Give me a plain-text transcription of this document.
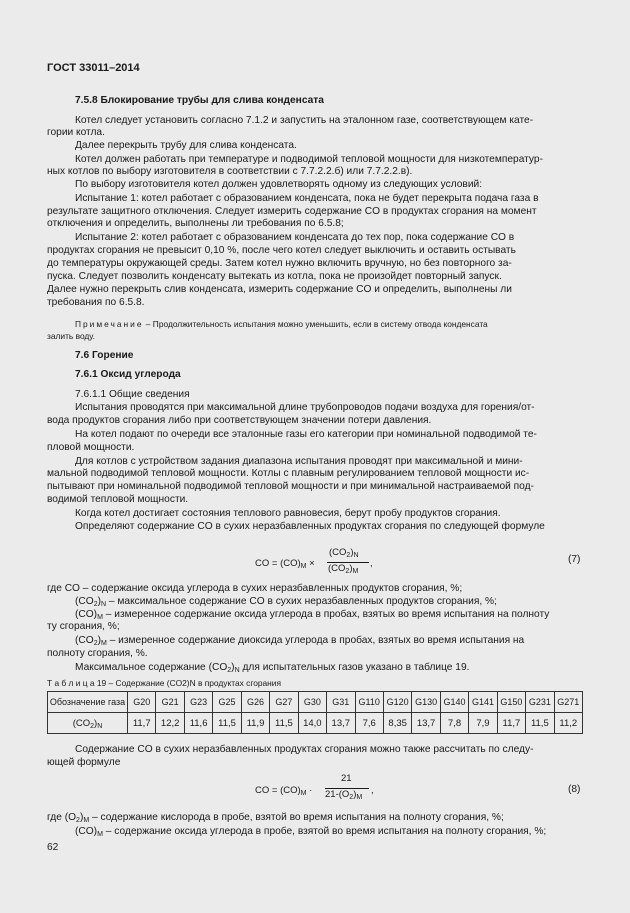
ГОСТ 33011–2014
7.5.8 Блокирование трубы для слива конденсата
Котел следует установить согласно 7.1.2 и запустить на эталонном газе, соответствующем кате-
гории котла.
Далее перекрыть трубу для слива конденсата.
Котел должен работать при температуре и подводимой тепловой мощности для низкотемператур-
ных котлов по выбору изготовителя в соответствии с 7.7.2.2.б) или 7.7.2.2.в).
По выбору изготовителя котел должен удовлетворять одному из следующих условий:
Испытание 1: котел работает с образованием конденсата, пока не будет перекрыта подача газа в
результате защитного отключения. Следует измерить содержание CO в продуктах сгорания на момент
отключения и определить, выполнены ли требования по 6.5.8;
Испытание 2: котел работает с образованием конденсата до тех пор, пока содержание CO в
продуктах сгорания не превысит 0,10 %, после чего котел следует выключить и оставить остывать
до температуры окружающей среды. Затем котел нужно включить вручную, но без повторного за-
пуска. Следует позволить конденсату вытекать из котла, пока не произойдет повторный запуск.
Далее нужно перекрыть слив конденсата, измерить содержание CO и определить, выполнены ли
требования по 6.5.8.
Примечание – Продолжительность испытания можно уменьшить, если в систему отвода конденсата
залить воду.
7.6 Горение
7.6.1 Оксид углерода
7.6.1.1 Общие сведения
Испытания проводятся при максимальной длине трубопроводов подачи воздуха для горения/от-
вода продуктов сгорания либо при соответствующем значении потери давления.
На котел подают по очереди все эталонные газы его категории при номинальной подводимой те-
пловой мощности.
Для котлов с устройством задания диапазона испытания проводят при максимальной и мини-
мальной подводимой тепловой мощности. Котлы с плавным регулированием тепловой мощности ис-
пытывают при номинальной подводимой тепловой мощности и при минимальной настраиваемой под-
водимой тепловой мощности.
Когда котел достигает состояния теплового равновесия, берут пробу продуктов сгорания.
Определяют содержание CO в сухих неразбавленных продуктах сгорания по следующей формуле
CO = $(CO)_M$ ×
$(CO_2)_N$
$(CO_2)_M$
,	(7)
где CO – содержание оксида углерода в сухих неразбавленных продуктов сгорания, %;
$(CO_2)_N$ – максимальное содержание CO в сухих неразбавленных продуктов сгорания, %;
$(CO)_M$ – измеренное содержание оксида углерода в пробах, взятых во время испытания на полноту
ту сгорания, %;
$(CO_2)_M$ – измеренное содержание диоксида углерода в пробах, взятых во время испытания на
полноту сгорания, %.
Максимальное содержание $(CO_2)_N$ для испытательных газов указано в таблице 19.
Т а б л и ц а 19 – Содержание (CO2)N в продуктах сгорания
Обозначение газа	G20	G21	G23	G25	G26	G27	G30	G31	G110	G120	G130	G140	G141	G150	G231	G271
$(CO_2)_N$	11,7	12,2	11,6	11,5	11,9	11,5	14,0	13,7	7,6	8,35	13,7	7,8	7,9	11,7	11,5	11,2
Содержание CO в сухих неразбавленных продуктах сгорания можно также рассчитать по следу-
ющей формуле
CO = $(CO)_M$ ·
21
$21-(O_2)_M$
,	(8)
где $(O_2)_M$ – содержание кислорода в пробе, взятой во время испытания на полноту сгорания, %;
$(CO)_M$ – содержание оксида углерода в пробе, взятой во время испытания на полноту сгорания, %;
62
